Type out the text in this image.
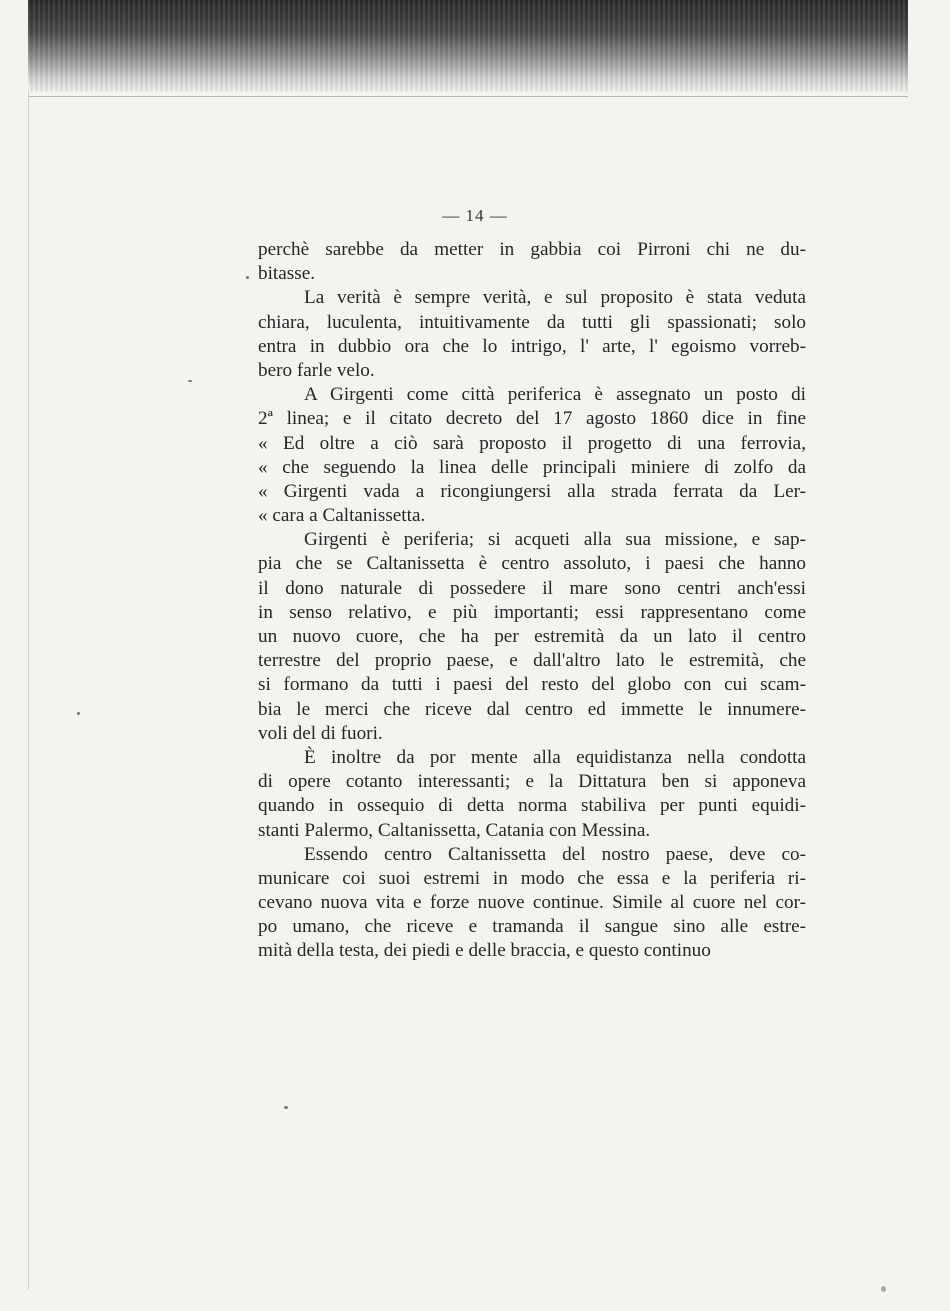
— 14 —
perchè sarebbe da metter in gabbia coi Pirroni chi ne du-
bitasse.
La verità è sempre verità, e sul proposito è stata veduta
chiara, luculenta, intuitivamente da tutti gli spassionati; solo
entra in dubbio ora che lo intrigo, l' arte, l' egoismo vorreb-
bero farle velo.
A Girgenti come città periferica è assegnato un posto di
2ª linea; e il citato decreto del 17 agosto 1860 dice in fine
« Ed oltre a ciò sarà proposto il progetto di una ferrovia,
« che seguendo la linea delle principali miniere di zolfo da
« Girgenti vada a ricongiungersi alla strada ferrata da Ler-
« cara a Caltanissetta.
Girgenti è periferia; si acqueti alla sua missione, e sap-
pia che se Caltanissetta è centro assoluto, i paesi che hanno
il dono naturale di possedere il mare sono centri anch'essi
in senso relativo, e più importanti; essi rappresentano come
un nuovo cuore, che ha per estremità da un lato il centro
terrestre del proprio paese, e dall'altro lato le estremità, che
si formano da tutti i paesi del resto del globo con cui scam-
bia le merci che riceve dal centro ed immette le innumere-
voli del di fuori.
È inoltre da por mente alla equidistanza nella condotta
di opere cotanto interessanti; e la Dittatura ben si apponeva
quando in ossequio di detta norma stabiliva per punti equidi-
stanti Palermo, Caltanissetta, Catania con Messina.
Essendo centro Caltanissetta del nostro paese, deve co-
municare coi suoi estremi in modo che essa e la periferia ri-
cevano nuova vita e forze nuove continue. Simile al cuore nel cor-
po umano, che riceve e tramanda il sangue sino alle estre-
mità della testa, dei piedi e delle braccia, e questo continuo
